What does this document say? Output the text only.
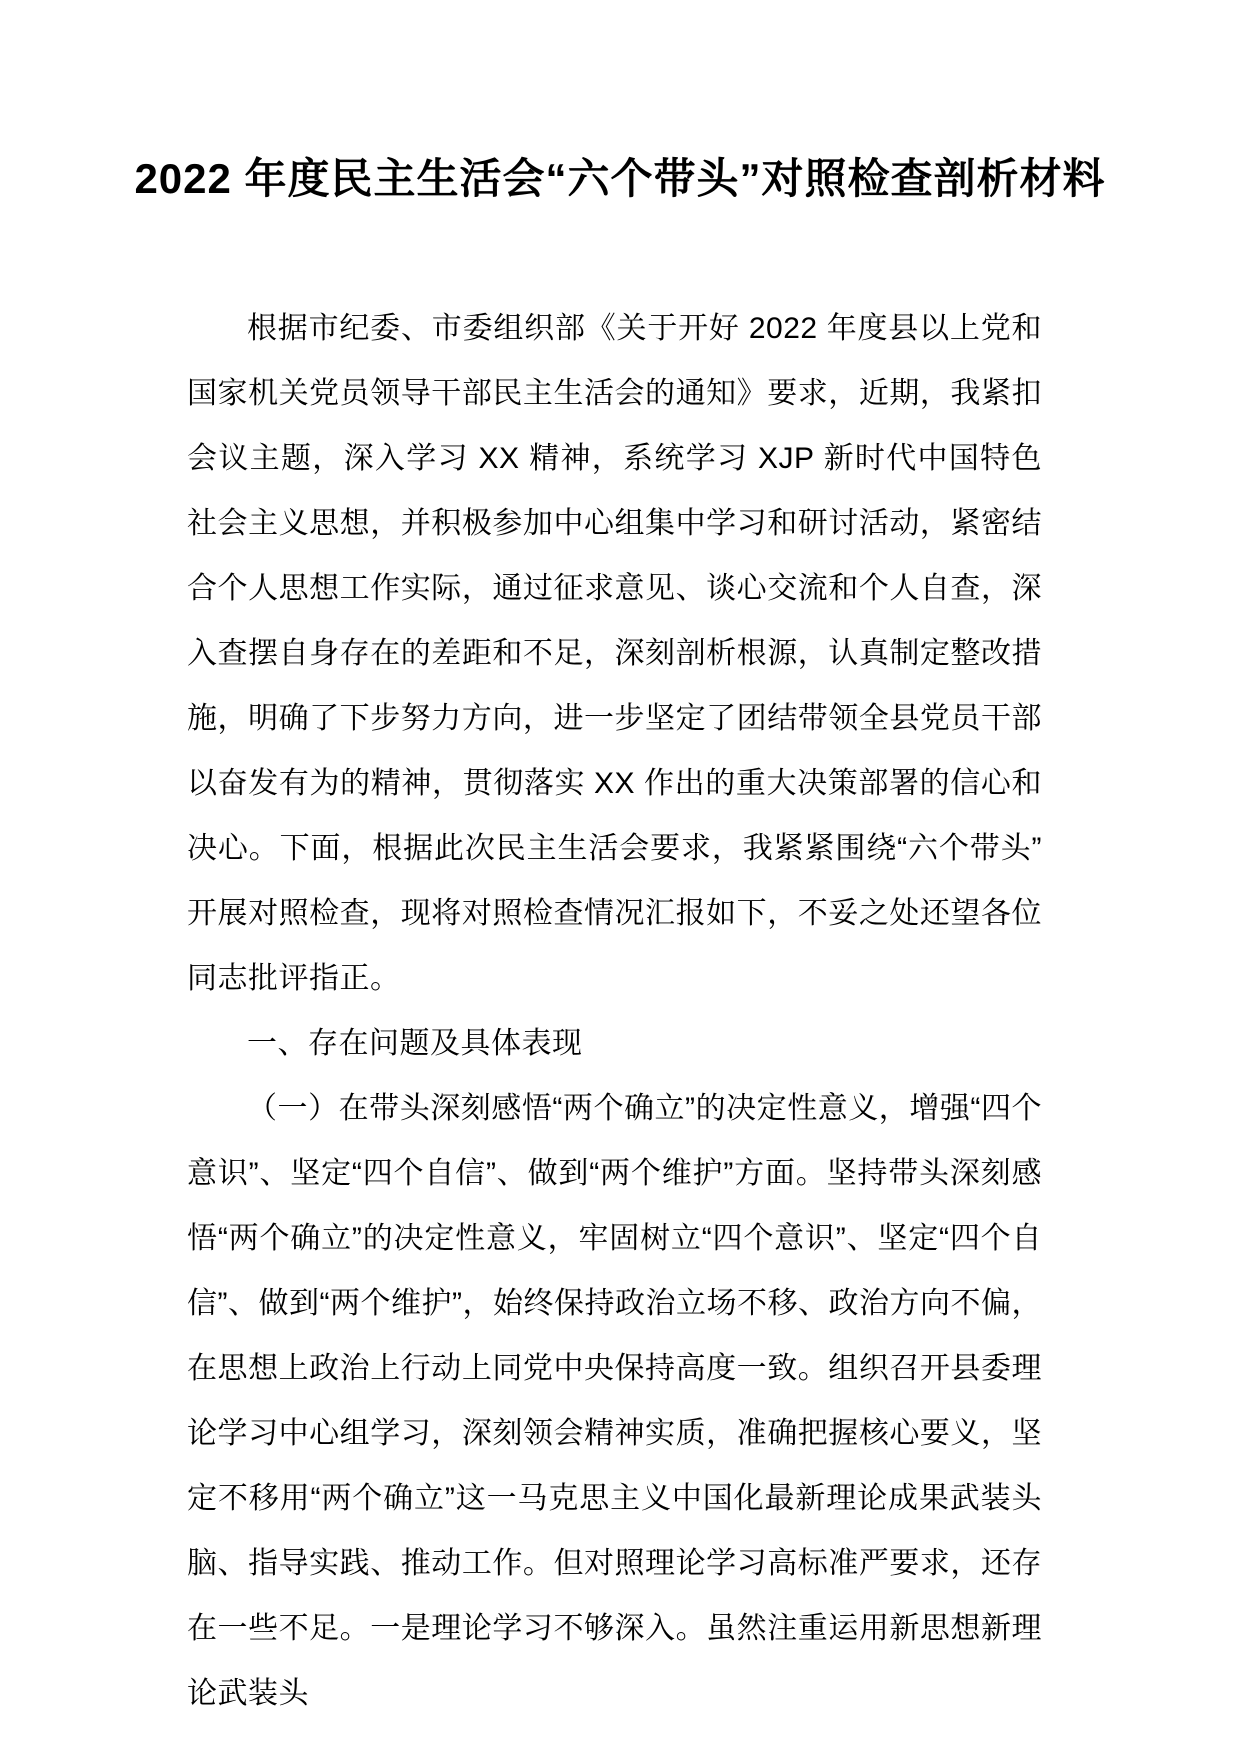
2022 年度民主生活会“六个带头”对照检查剖析材料

根据市纪委、市委组织部《关于开好 2022 年度县以上党和国家机关党员领导干部民主生活会的通知》要求，近期，我紧扣会议主题，深入学习 XX 精神，系统学习 XJP 新时代中国特色社会主义思想，并积极参加中心组集中学习和研讨活动，紧密结合个人思想工作实际，通过征求意见、谈心交流和个人自查，深入查摆自身存在的差距和不足，深刻剖析根源，认真制定整改措施，明确了下步努力方向，进一步坚定了团结带领全县党员干部以奋发有为的精神，贯彻落实 XX 作出的重大决策部署的信心和决心。下面，根据此次民主生活会要求，我紧紧围绕“六个带头”开展对照检查，现将对照检查情况汇报如下，不妥之处还望各位同志批评指正。

一、存在问题及具体表现

（一）在带头深刻感悟“两个确立”的决定性意义，增强“四个意识”、坚定“四个自信”、做到“两个维护”方面。坚持带头深刻感悟“两个确立”的决定性意义，牢固树立“四个意识”、坚定“四个自信”、做到“两个维护”，始终保持政治立场不移、政治方向不偏，在思想上政治上行动上同党中央保持高度一致。组织召开县委理论学习中心组学习，深刻领会精神实质，准确把握核心要义，坚定不移用“两个确立”这一马克思主义中国化最新理论成果武装头脑、指导实践、推动工作。但对照理论学习高标准严要求，还存在一些不足。一是理论学习不够深入。虽然注重运用新思想新理论武装头
